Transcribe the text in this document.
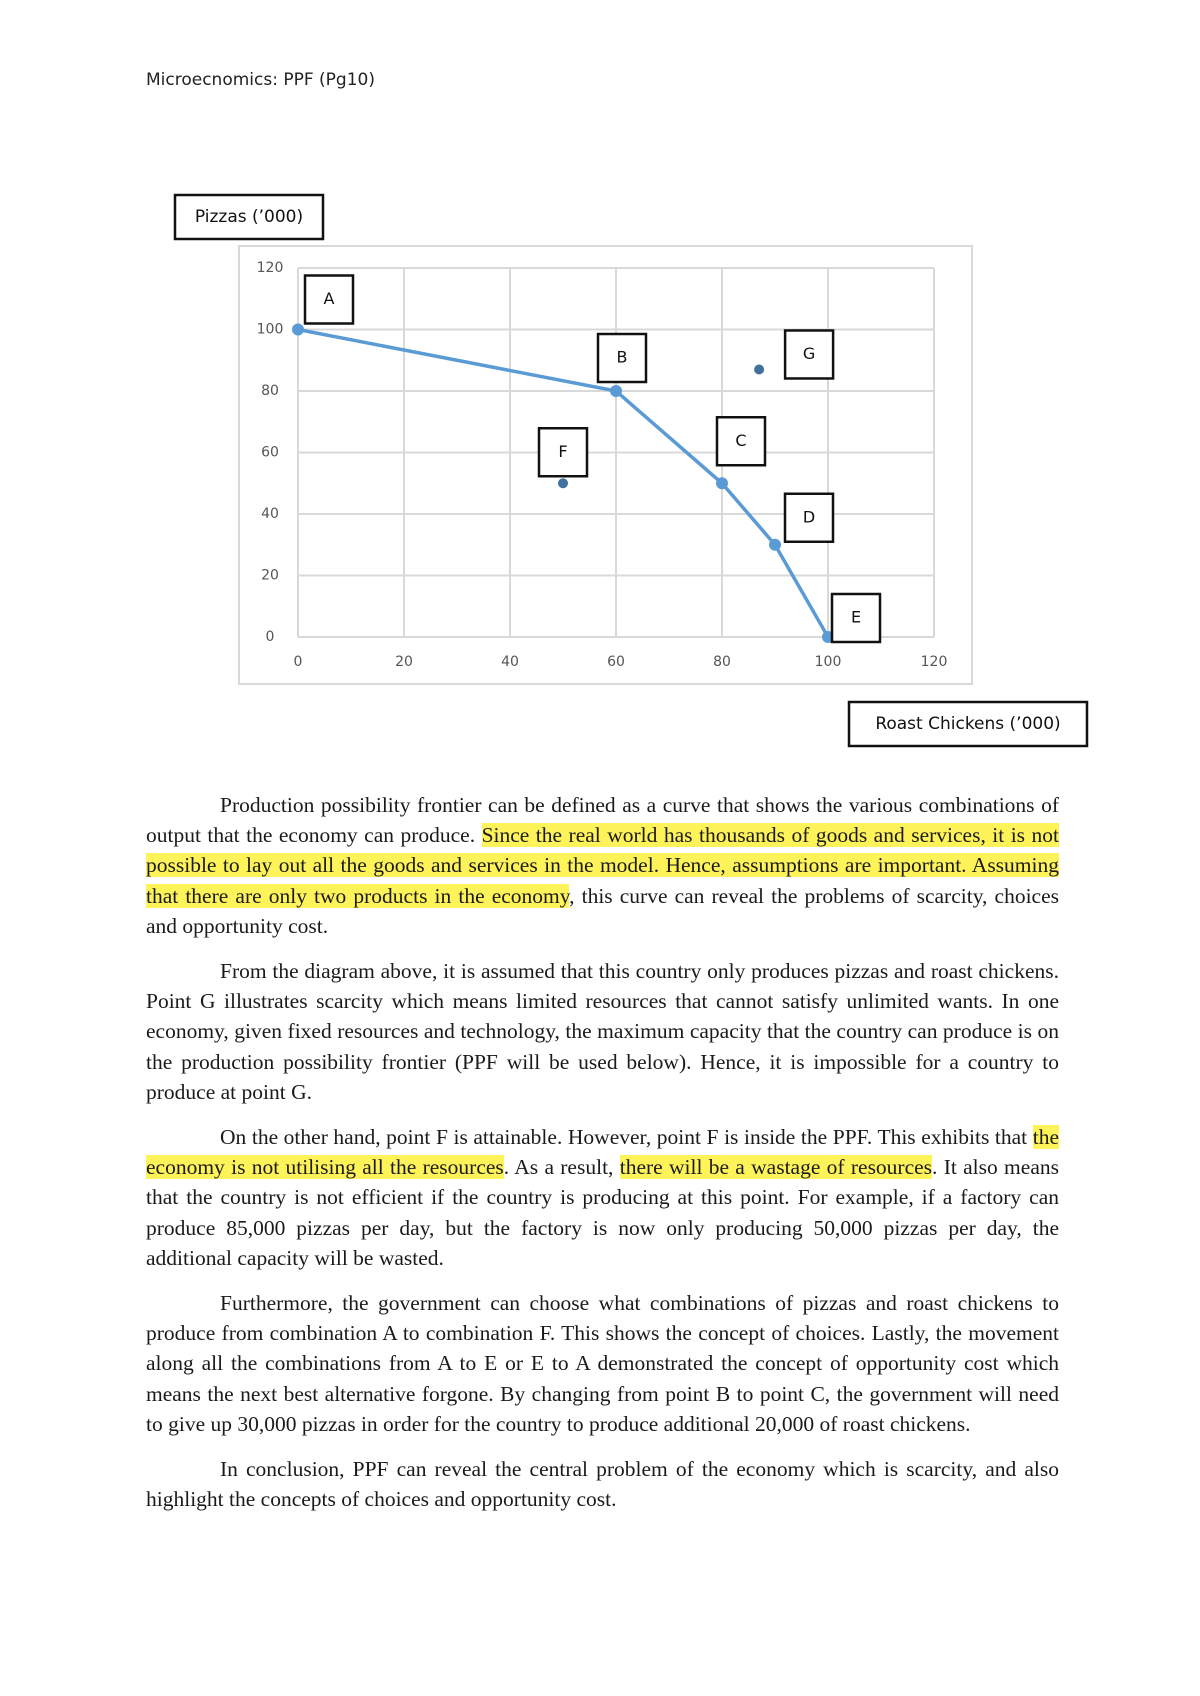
Microecnomics: PPF (Pg10)
0
20
40
60
80
100
120
0	20	40	60	80	100	120
A
B
C
D
E
F
G
Pizzas (’000)
Roast Chickens (’000)

Production possibility frontier can be defined as a curve that shows the various combinations of output that the economy can produce. Since the real world has thousands of goods and services, it is not possible to lay out all the goods and services in the model. Hence, assumptions are important. Assuming that there are only two products in the economy, this curve can reveal the problems of scarcity, choices and opportunity cost.

From the diagram above, it is assumed that this country only produces pizzas and roast chickens. Point G illustrates scarcity which means limited resources that cannot satisfy unlimited wants. In one economy, given fixed resources and technology, the maximum capacity that the country can produce is on the production possibility frontier (PPF will be used below). Hence, it is impossible for a country to produce at point G.

On the other hand, point F is attainable. However, point F is inside the PPF. This exhibits that the economy is not utilising all the resources. As a result, there will be a wastage of resources. It also means that the country is not efficient if the country is producing at this point. For example, if a factory can produce 85,000 pizzas per day, but the factory is now only producing 50,000 pizzas per day, the additional capacity will be wasted.

Furthermore, the government can choose what combinations of pizzas and roast chickens to produce from combination A to combination F. This shows the concept of choices. Lastly, the movement along all the combinations from A to E or E to A demonstrated the concept of opportunity cost which means the next best alternative forgone. By changing from point B to point C, the government will need to give up 30,000 pizzas in order for the country to produce additional 20,000 of roast chickens.

In conclusion, PPF can reveal the central problem of the economy which is scarcity, and also highlight the concepts of choices and opportunity cost.
